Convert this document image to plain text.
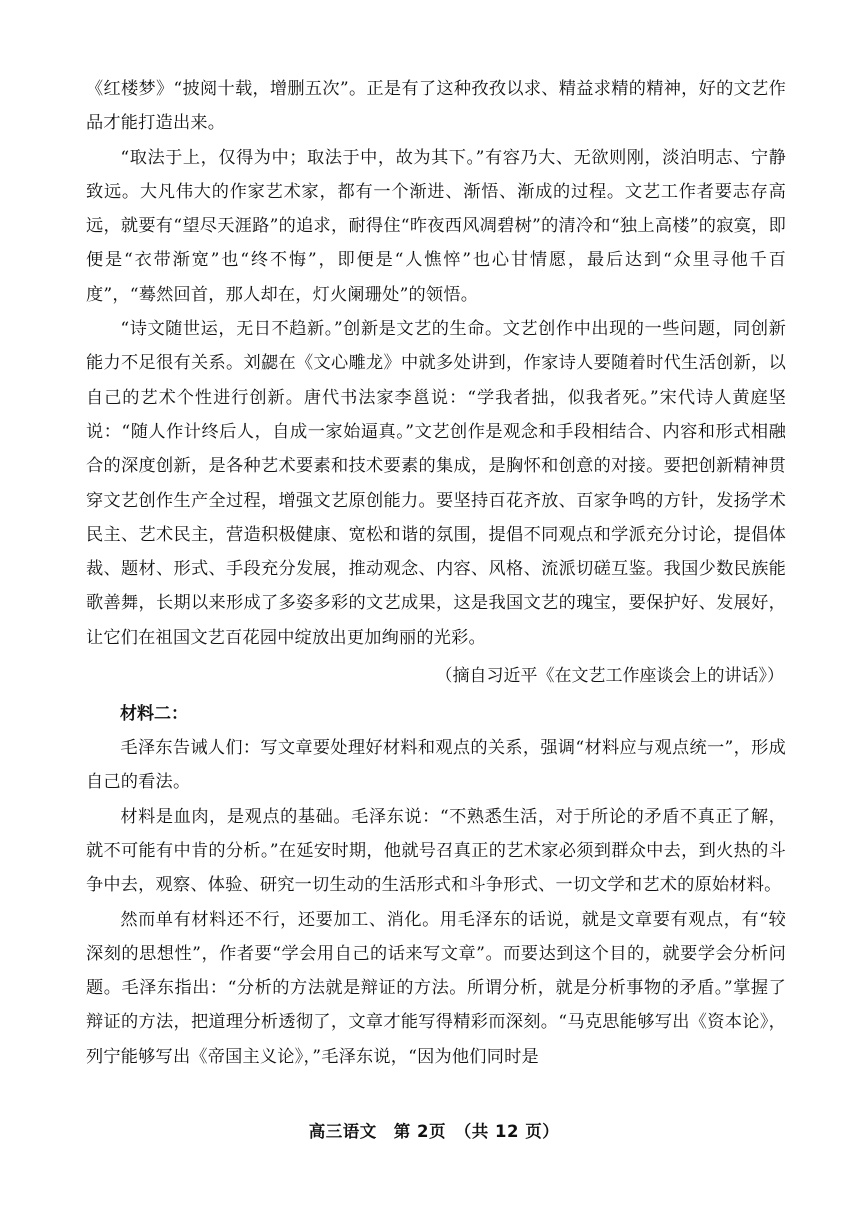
《红楼梦》“披阅十载，增删五次”。正是有了这种孜孜以求、精益求精的精神，好的文艺作品才能打造出来。

“取法于上，仅得为中；取法于中，故为其下。”有容乃大、无欲则刚，淡泊明志、宁静致远。大凡伟大的作家艺术家，都有一个渐进、渐悟、渐成的过程。文艺工作者要志存高远，就要有“望尽天涯路”的追求，耐得住“昨夜西风凋碧树”的清冷和“独上高楼”的寂寞，即便是“衣带渐宽”也“终不悔”，即便是“人憔悴”也心甘情愿，最后达到“众里寻他千百度”，“蓦然回首，那人却在，灯火阑珊处”的领悟。

“诗文随世运，无日不趋新。”创新是文艺的生命。文艺创作中出现的一些问题，同创新能力不足很有关系。刘勰在《文心雕龙》中就多处讲到，作家诗人要随着时代生活创新，以自己的艺术个性进行创新。唐代书法家李邕说：“学我者拙，似我者死。”宋代诗人黄庭坚说：“随人作计终后人，自成一家始逼真。”文艺创作是观念和手段相结合、内容和形式相融合的深度创新，是各种艺术要素和技术要素的集成，是胸怀和创意的对接。要把创新精神贯穿文艺创作生产全过程，增强文艺原创能力。要坚持百花齐放、百家争鸣的方针，发扬学术民主、艺术民主，营造积极健康、宽松和谐的氛围，提倡不同观点和学派充分讨论，提倡体裁、题材、形式、手段充分发展，推动观念、内容、风格、流派切磋互鉴。我国少数民族能歌善舞，长期以来形成了多姿多彩的文艺成果，这是我国文艺的瑰宝，要保护好、发展好，让它们在祖国文艺百花园中绽放出更加绚丽的光彩。

（摘自习近平《在文艺工作座谈会上的讲话》）

材料二：

毛泽东告诫人们：写文章要处理好材料和观点的关系，强调“材料应与观点统一”，形成自己的看法。

材料是血肉，是观点的基础。毛泽东说：“不熟悉生活，对于所论的矛盾不真正了解，就不可能有中肯的分析。”在延安时期，他就号召真正的艺术家必须到群众中去，到火热的斗争中去，观察、体验、研究一切生动的生活形式和斗争形式、一切文学和艺术的原始材料。

然而单有材料还不行，还要加工、消化。用毛泽东的话说，就是文章要有观点，有“较深刻的思想性”，作者要“学会用自己的话来写文章”。而要达到这个目的，就要学会分析问题。毛泽东指出：“分析的方法就是辩证的方法。所谓分析，就是分析事物的矛盾。”掌握了辩证的方法，把道理分析透彻了，文章才能写得精彩而深刻。“马克思能够写出《资本论》，列宁能够写出《帝国主义论》，”毛泽东说，“因为他们同时是

高三语文　第 2页　（共 12 页）
